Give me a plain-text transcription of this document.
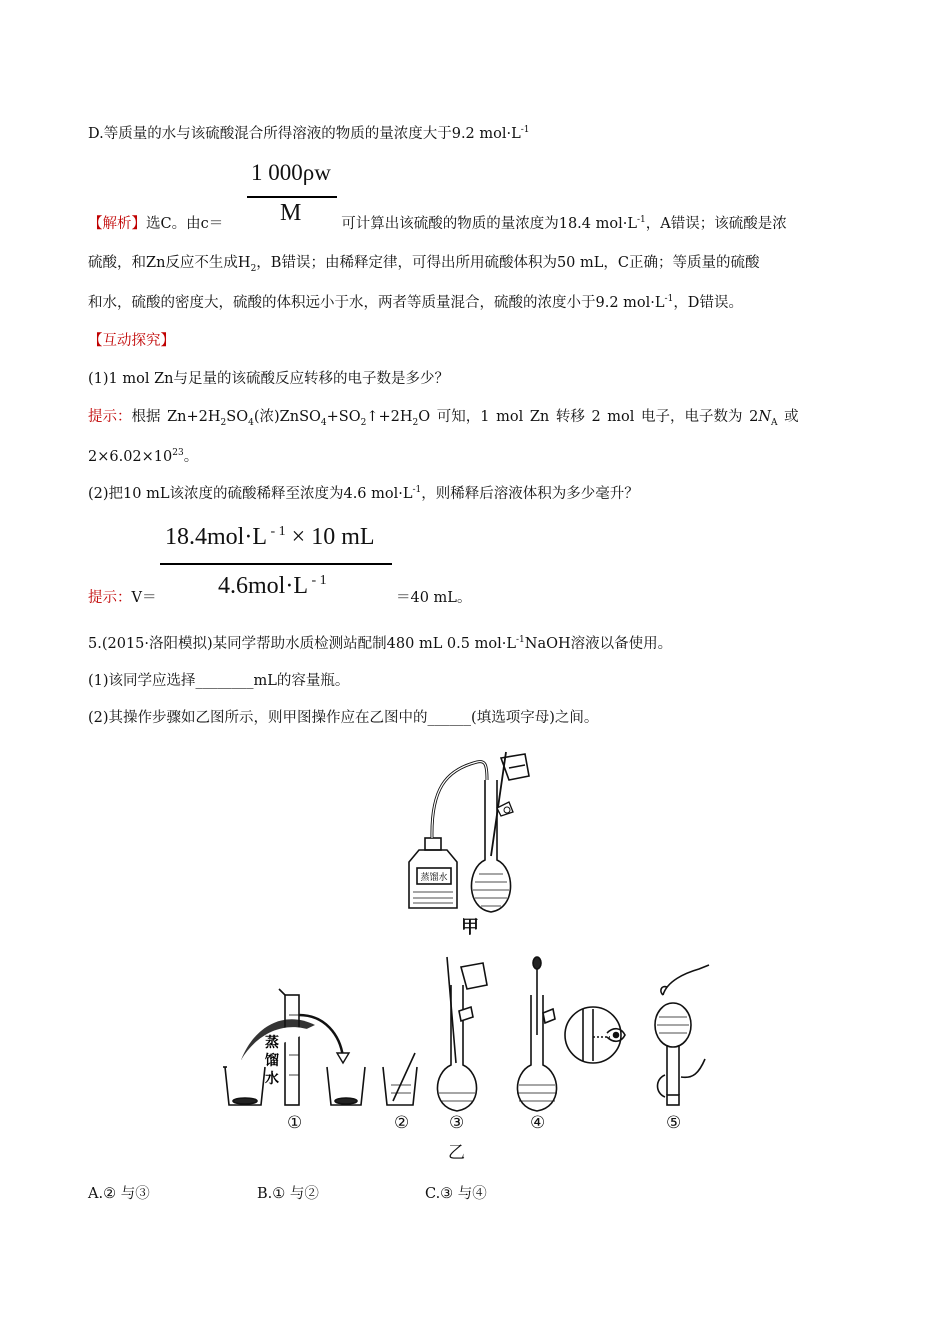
D.等质量的水与该硫酸混合所得溶液的物质的量浓度大于9.2 $mol\cdot L^{-1}$
1 000ρw
M
【解析】选C。由c＝	可计算出该硫酸的物质的量浓度为18.4 $mol\cdot L^{-1}$，A错误；该硫酸是浓
硫酸，和Zn反应不生成$H_2$，B错误；由稀释定律，可得出所用硫酸体积为50 mL，C正确；等质量的硫酸
和水，硫酸的密度大，硫酸的体积远小于水，两者等质量混合，硫酸的浓度小于9.2 $mol\cdot L^{-1}$，D错误。
【互动探究】
(1)1 mol Zn与足量的该硫酸反应转移的电子数是多少？
提示：根据 $Zn+2H_2SO_4$(浓)$ZnSO_4+SO_2↑+2H_2O$ 可知，1 mol Zn 转移 2 mol 电子，电子数为 $2N_A$ 或
$2\times 6.02\times 10^{23}$。
(2)把10 mL该浓度的硫酸稀释至浓度为4.6 $mol\cdot L^{-1}$，则稀释后溶液体积为多少毫升？
18.4mol·L $^{- 1}$ × 10 mL
4.6mol·L $^{- 1}$
提示：V＝	＝40 mL。
5.(2015·洛阳模拟)某同学帮助水质检测站配制480 mL 0.5 $mol\cdot L^{-1}NaOH$溶液以备使用。
(1)该同学应选择________mL的容量瓶。
(2)其操作步骤如乙图所示，则甲图操作应在乙图中的______(填选项字母)之间。
蒸馏水
甲
蒸
馏
水
①	② ③	④	⑤
乙
A.② 与③	B.① 与②	C.③ 与④
